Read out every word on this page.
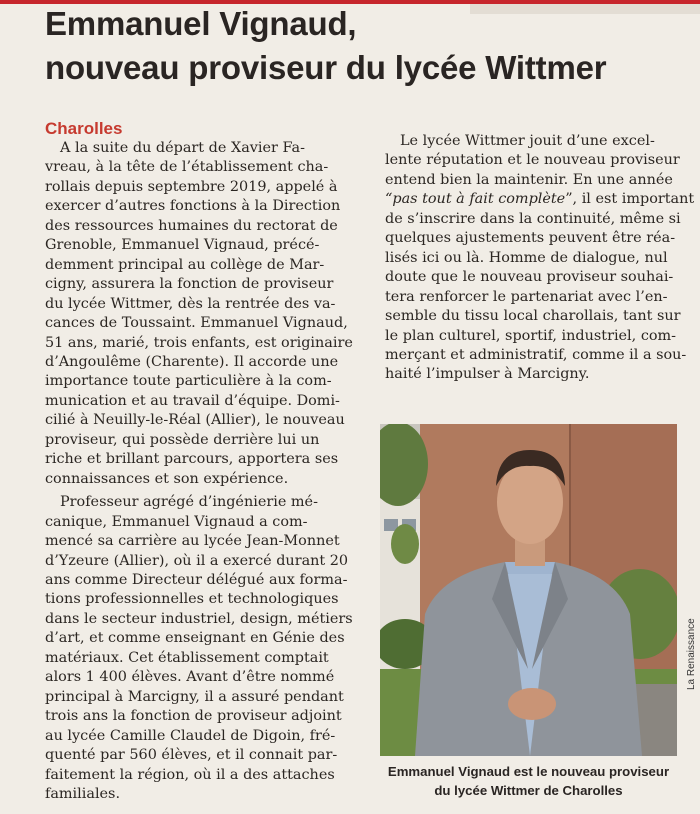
Emmanuel Vignaud,
nouveau proviseur du lycée Wittmer
Charolles
A la suite du départ de Xavier Fa-
vreau, à la tête de l’établissement cha-
rollais depuis septembre 2019, appelé à
exercer d’autres fonctions à la Direction
des ressources humaines du rectorat de
Grenoble, Emmanuel Vignaud, précé-
demment principal au collège de Mar-
cigny, assurera la fonction de proviseur
du lycée Wittmer, dès la rentrée des va-
cances de Toussaint. Emmanuel Vignaud,
51 ans, marié, trois enfants, est originaire
d’Angoulême (Charente). Il accorde une
importance toute particulière à la com-
munication et au travail d’équipe. Domi-
cilié à Neuilly-le-Réal (Allier), le nouveau
proviseur, qui possède derrière lui un
riche et brillant parcours, apportera ses
connaissances et son expérience.
Professeur agrégé d’ingénierie mé-
canique, Emmanuel Vignaud a com-
mencé sa carrière au lycée Jean-Monnet
d’Yzeure (Allier), où il a exercé durant 20
ans comme Directeur délégué aux forma-
tions professionnelles et technologiques
dans le secteur industriel, design, métiers
d’art, et comme enseignant en Génie des
matériaux. Cet établissement comptait
alors 1 400 élèves. Avant d’être nommé
principal à Marcigny, il a assuré pendant
trois ans la fonction de proviseur adjoint
au lycée Camille Claudel de Digoin, fré-
quenté par 560 élèves, et il connait par-
faitement la région, où il a des attaches
familiales.
Le lycée Wittmer jouit d’une excel-
lente réputation et le nouveau proviseur
entend bien la maintenir. En une année
“pas tout à fait complète”, il est important
de s’inscrire dans la continuité, même si
quelques ajustements peuvent être réa-
lisés ici ou là. Homme de dialogue, nul
doute que le nouveau proviseur souhai-
tera renforcer le partenariat avec l’en-
semble du tissu local charollais, tant sur
le plan culturel, sportif, industriel, com-
merçant et administratif, comme il a sou-
haité l’impulser à Marcigny.
La Renaissance
Emmanuel Vignaud est le nouveau proviseur
du lycée Wittmer de Charolles
